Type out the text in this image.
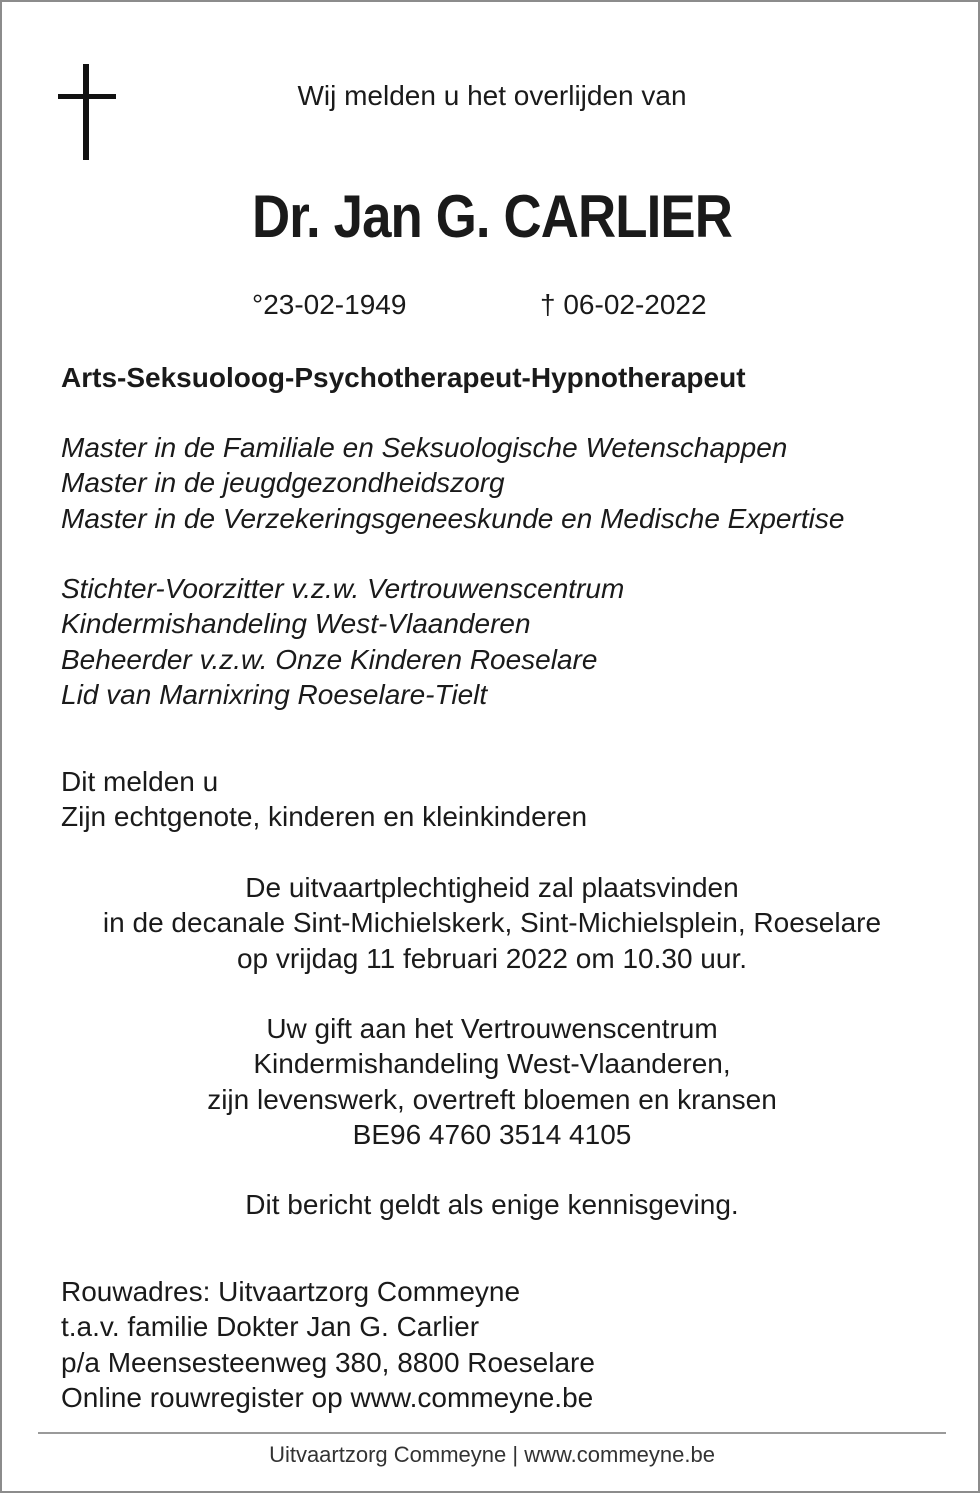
Wij melden u het overlijden van
Dr. Jan G. CARLIER
°23-02-1949	† 06-02-2022
Arts-Seksuoloog-Psychotherapeut-Hypnotherapeut
Master in de Familiale en Seksuologische Wetenschappen
Master in de jeugdgezondheidszorg
Master in de Verzekeringsgeneeskunde en Medische Expertise
Stichter-Voorzitter v.z.w. Vertrouwenscentrum
Kindermishandeling West-Vlaanderen
Beheerder v.z.w. Onze Kinderen Roeselare
Lid van Marnixring Roeselare-Tielt
Dit melden u
Zijn echtgenote, kinderen en kleinkinderen
De uitvaartplechtigheid zal plaatsvinden
in de decanale Sint-Michielskerk, Sint-Michielsplein, Roeselare
op vrijdag 11 februari 2022 om 10.30 uur.
Uw gift aan het Vertrouwenscentrum
Kindermishandeling West-Vlaanderen,
zijn levenswerk, overtreft bloemen en kransen
BE96 4760 3514 4105
Dit bericht geldt als enige kennisgeving.
Rouwadres: Uitvaartzorg Commeyne
t.a.v. familie Dokter Jan G. Carlier
p/a Meensesteenweg 380, 8800 Roeselare
Online rouwregister op www.commeyne.be
Uitvaartzorg Commeyne | www.commeyne.be
